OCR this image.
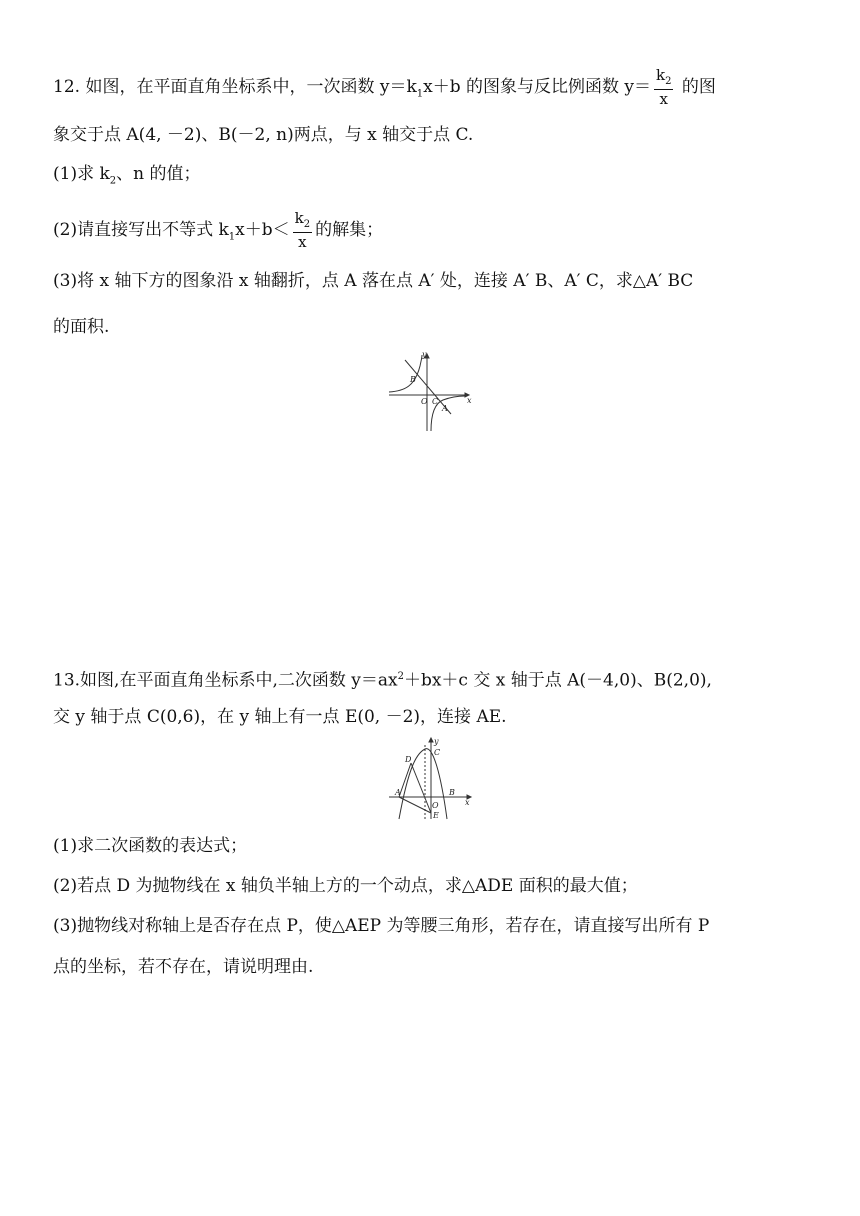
12. 如图，在平面直角坐标系中，一次函数 $y=k_1x+b$ 的图象与反比例函数 $y= \frac{k_2}{x}$ 的图
象交于点 A(4, －2)、B(－2, n)两点，与 x 轴交于点 C.
(1)求 $k_2$、n 的值；
(2)请直接写出不等式 $k_1x+b< \frac{k_2}{x}$ 的解集；
(3)将 x 轴下方的图象沿 x 轴翻折，点 A 落在点 A′ 处，连接 A′ B、A′ C，求△A′ BC
的面积.
y
x
O C
A
B
13.如图,在平面直角坐标系中,二次函数 $y=ax^2+bx+c$ 交 x 轴于点 A(－4,0)、B(2,0),
交 y 轴于点 C(0,6)，在 y 轴上有一点 E(0, －2)，连接 AE.
y
x
O
A	B
C
D
E
(1)求二次函数的表达式；
(2)若点 D 为抛物线在 x 轴负半轴上方的一个动点，求△ADE 面积的最大值；
(3)抛物线对称轴上是否存在点 P，使△AEP 为等腰三角形，若存在，请直接写出所有 P
点的坐标，若不存在，请说明理由.
